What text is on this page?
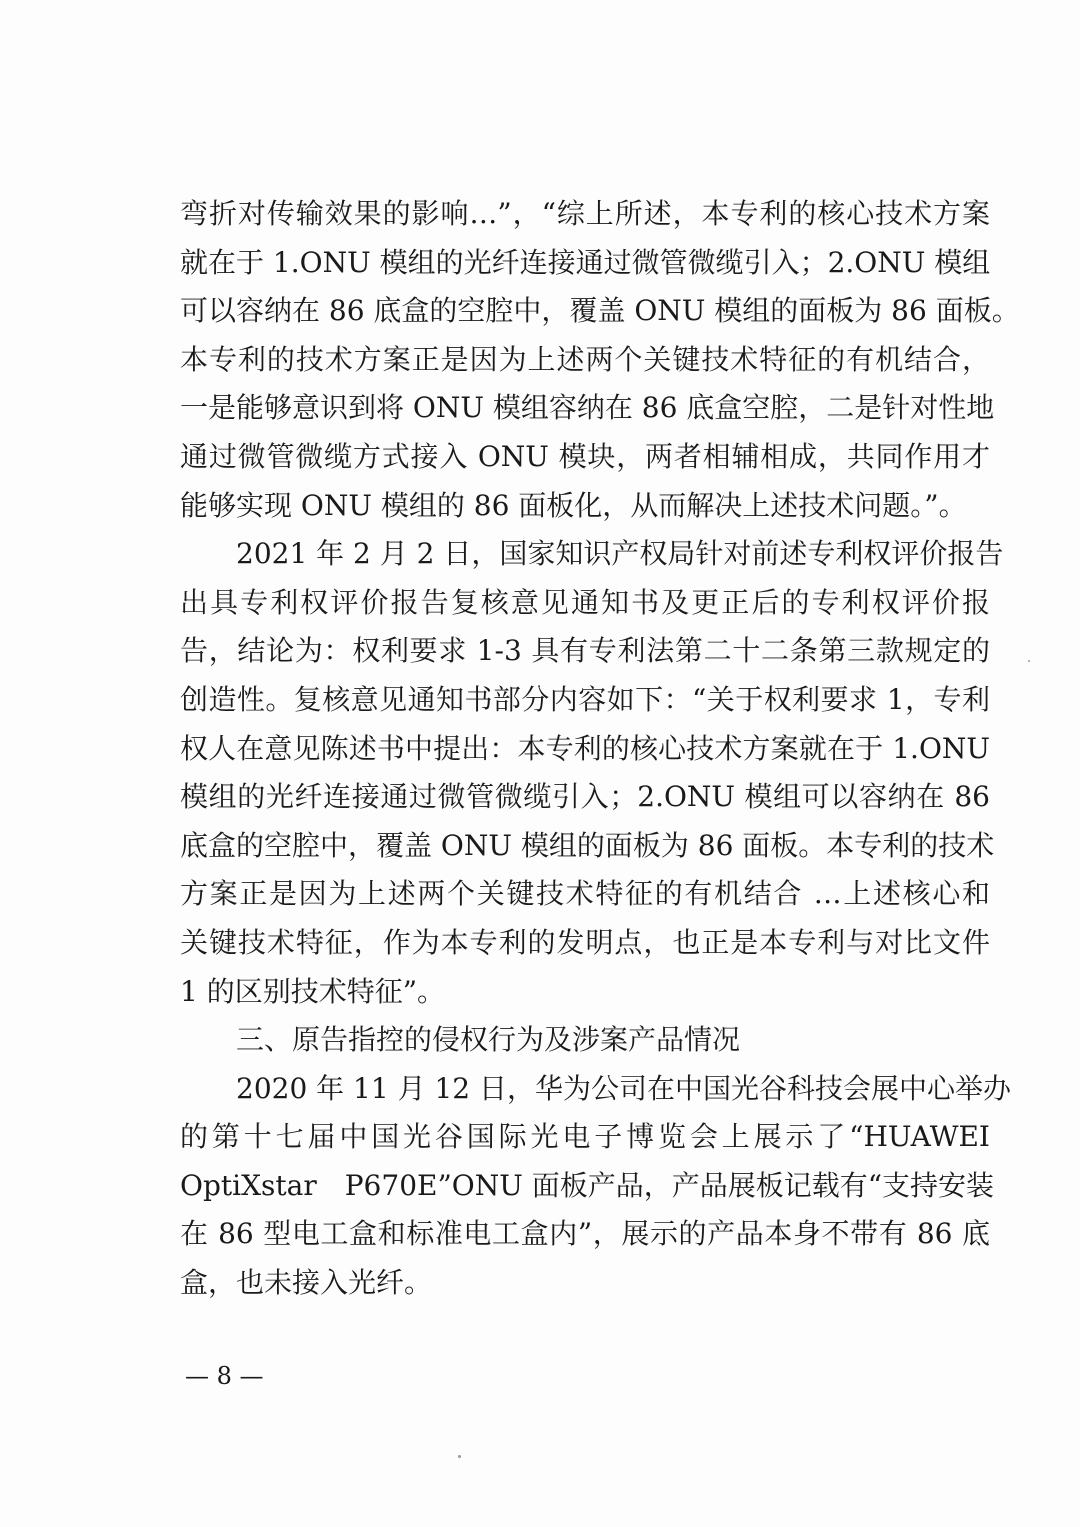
弯折对传输效果的影响…”，“综上所述，本专利的核心技术方案
就在于 1.ONU 模组的光纤连接通过微管微缆引入；2.ONU 模组
可以容纳在 86 底盒的空腔中，覆盖 ONU 模组的面板为 86 面板。
本专利的技术方案正是因为上述两个关键技术特征的有机结合，
一是能够意识到将 ONU 模组容纳在 86 底盒空腔，二是针对性地
通过微管微缆方式接入 ONU 模块，两者相辅相成，共同作用才
能够实现 ONU 模组的 86 面板化，从而解决上述技术问题。”。
2021 年 2 月 2 日，国家知识产权局针对前述专利权评价报告
出具专利权评价报告复核意见通知书及更正后的专利权评价报
告，结论为：权利要求 1-3 具有专利法第二十二条第三款规定的
创造性。复核意见通知书部分内容如下：“关于权利要求 1，专利
权人在意见陈述书中提出：本专利的核心技术方案就在于 1.ONU
模组的光纤连接通过微管微缆引入；2.ONU 模组可以容纳在 86
底盒的空腔中，覆盖 ONU 模组的面板为 86 面板。本专利的技术
方案正是因为上述两个关键技术特征的有机结合 …上述核心和
关键技术特征，作为本专利的发明点，也正是本专利与对比文件
1 的区别技术特征”。
三、原告指控的侵权行为及涉案产品情况
2020 年 11 月 12 日，华为公司在中国光谷科技会展中心举办
的第十七届中国光谷国际光电子博览会上展示了“HUAWEI
OptiXstar　P670E”ONU 面板产品，产品展板记载有“支持安装
在 86 型电工盒和标准电工盒内”，展示的产品本身不带有 86 底
盒，也未接入光纤。
— 8 —
